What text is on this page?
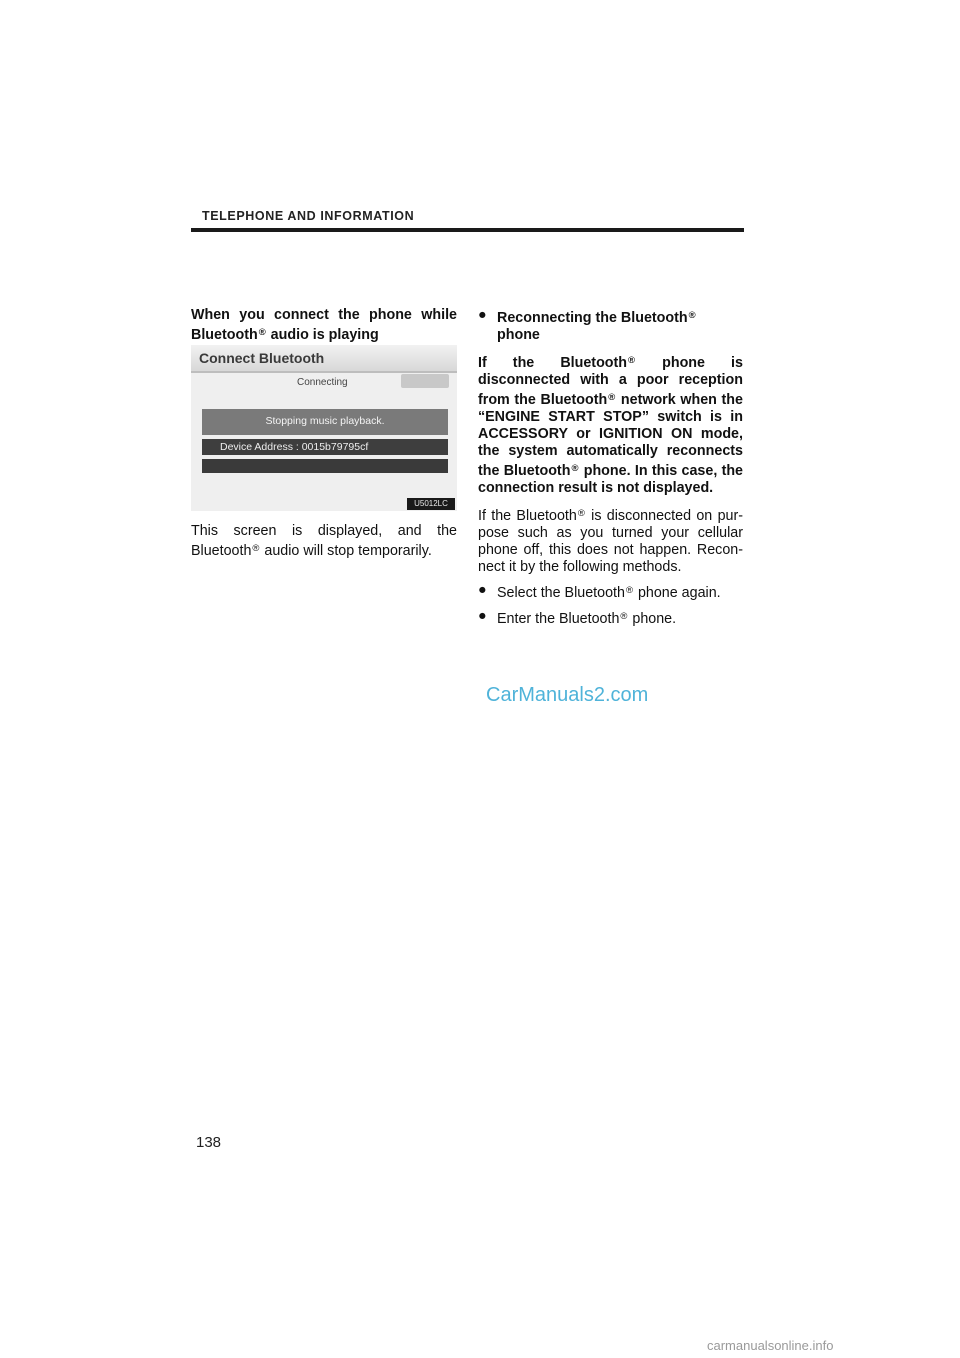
TELEPHONE AND INFORMATION

When you connect the phone while Bluetooth® audio is playing

Connect Bluetooth
Connecting
Stopping music playback.
Device Address : 0015b79795cf
U5012LC

This screen is displayed, and the Bluetooth® audio will stop temporarily.

● Reconnecting the Bluetooth® phone

If the Bluetooth® phone is disconnected with a poor reception from the Bluetooth® network when the “ENGINE START STOP” switch is in ACCESSORY or IGNITION ON mode, the system automatically reconnects the Bluetooth® phone. In this case, the connection result is not displayed.

If the Bluetooth® is disconnected on pur-pose such as you turned your cellular phone off, this does not happen. Recon-nect it by the following methods.

● Select the Bluetooth® phone again.
● Enter the Bluetooth® phone.
CarManuals2.com
138
carmanualsonline.info
